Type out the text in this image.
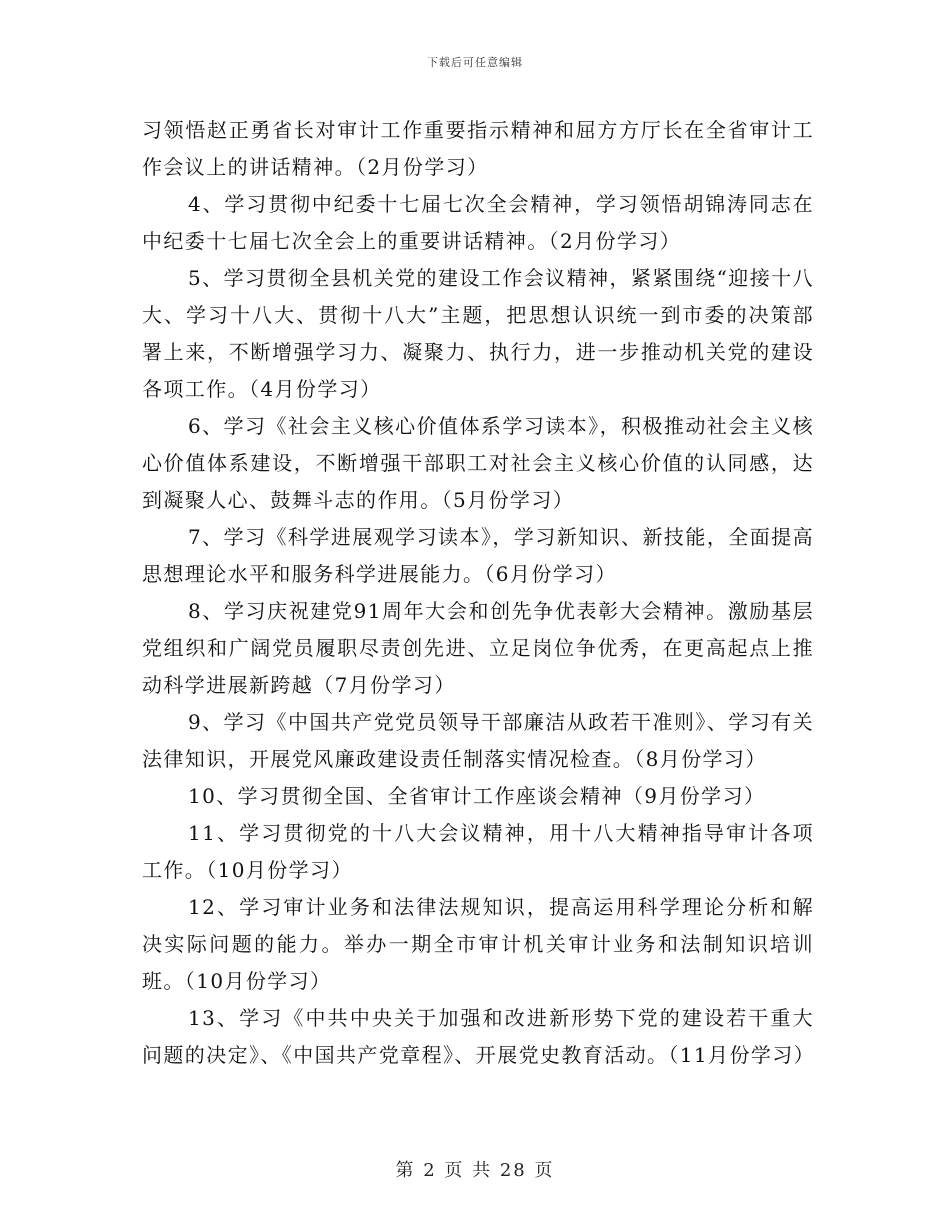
下载后可任意编辑

习领悟赵正勇省长对审计工作重要指示精神和屈方方厅长在全省审计工作会议上的讲话精神。（2月份学习）

4、学习贯彻中纪委十七届七次全会精神，学习领悟胡锦涛同志在中纪委十七届七次全会上的重要讲话精神。（2月份学习）

5、学习贯彻全县机关党的建设工作会议精神，紧紧围绕“迎接十八大、学习十八大、贯彻十八大”主题，把思想认识统一到市委的决策部署上来，不断增强学习力、凝聚力、执行力，进一步推动机关党的建设各项工作。（4月份学习）

6、学习《社会主义核心价值体系学习读本》，积极推动社会主义核心价值体系建设，不断增强干部职工对社会主义核心价值的认同感，达到凝聚人心、鼓舞斗志的作用。（5月份学习）

7、学习《科学进展观学习读本》，学习新知识、新技能，全面提高思想理论水平和服务科学进展能力。（6月份学习）

8、学习庆祝建党91周年大会和创先争优表彰大会精神。激励基层党组织和广阔党员履职尽责创先进、立足岗位争优秀，在更高起点上推动科学进展新跨越（7月份学习）

9、学习《中国共产党党员领导干部廉洁从政若干准则》、学习有关法律知识，开展党风廉政建设责任制落实情况检查。（8月份学习）

10、学习贯彻全国、全省审计工作座谈会精神（9月份学习）

11、学习贯彻党的十八大会议精神，用十八大精神指导审计各项工作。（10月份学习）

12、学习审计业务和法律法规知识，提高运用科学理论分析和解决实际问题的能力。举办一期全市审计机关审计业务和法制知识培训班。（10月份学习）

13、学习《中共中央关于加强和改进新形势下党的建设若干重大问题的决定》、《中国共产党章程》、开展党史教育活动。（11月份学习）

第 2 页 共 28 页
